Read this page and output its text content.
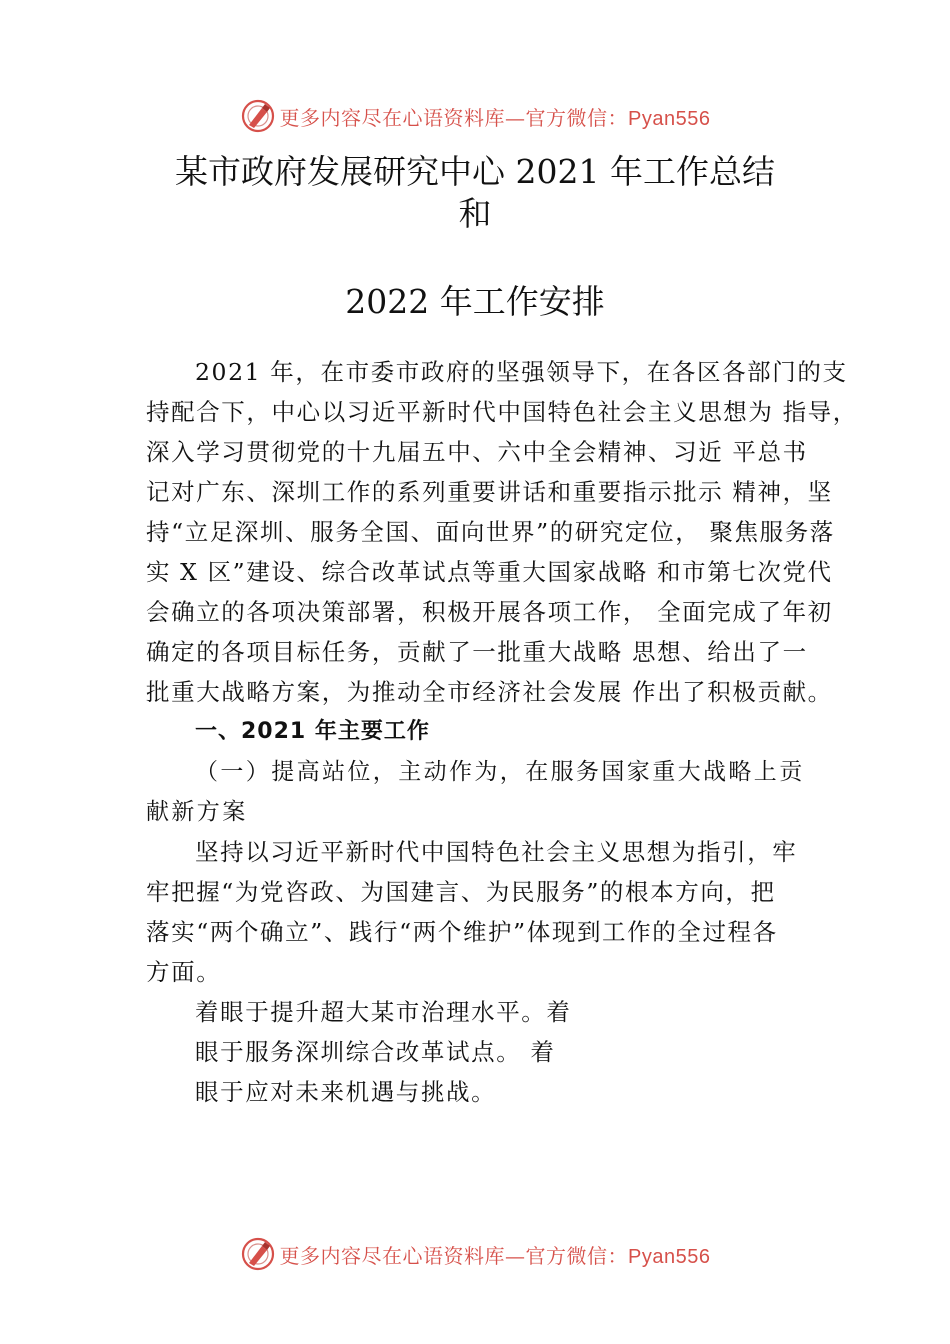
更多内容尽在心语资料库—官方微信：Pyan556
某市政府发展研究中心 2021 年工作总结
和
2022 年工作安排

2021 年，在市委市政府的坚强领导下，在各区各部门的支
持配合下，中心以习近平新时代中国特色社会主义思想为 指导，
深入学习贯彻党的十九届五中、六中全会精神、习近 平总书
记对广东、深圳工作的系列重要讲话和重要指示批示 精神，坚
持“立足深圳、服务全国、面向世界”的研究定位， 聚焦服务落
实 X 区”建设、综合改革试点等重大国家战略 和市第七次党代
会确立的各项决策部署，积极开展各项工作， 全面完成了年初
确定的各项目标任务，贡献了一批重大战略 思想、给出了一
批重大战略方案，为推动全市经济社会发展 作出了积极贡献。

一、2021 年主要工作

（一）提高站位，主动作为，在服务国家重大战略上贡
献新方案

坚持以习近平新时代中国特色社会主义思想为指引，牢
牢把握“为党咨政、为国建言、为民服务”的根本方向，把
落实“两个确立”、践行“两个维护”体现到工作的全过程各
方面。

着眼于提升超大某市治理水平。着
眼于服务深圳综合改革试点。 着
眼于应对未来机遇与挑战。

更多内容尽在心语资料库—官方微信：Pyan556
